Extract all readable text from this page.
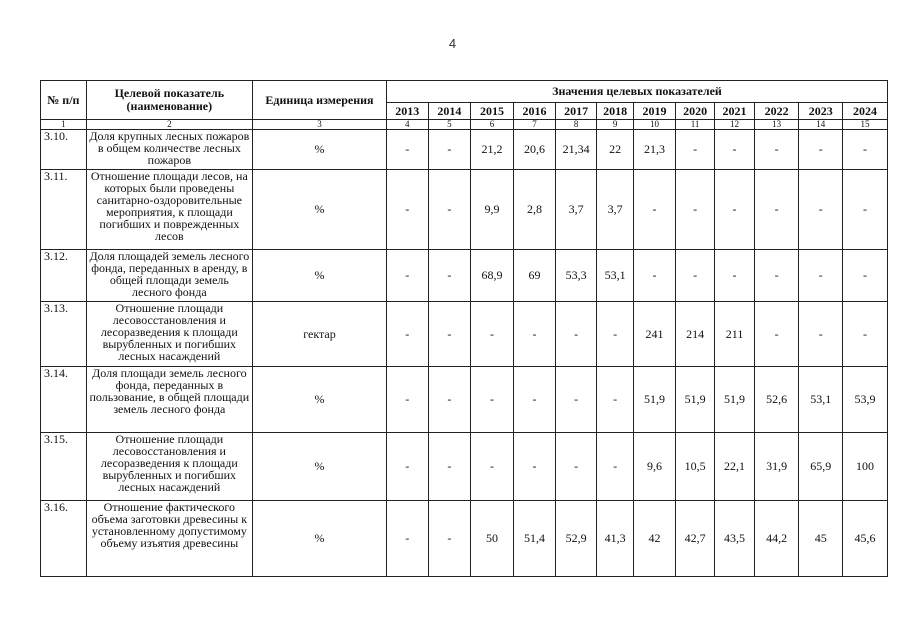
4
№ п/п	Целевой показатель (наименование)	Единица измерения	Значения целевых показателей											
			2013	2014	2015	2016	2017	2018	2019	2020	2021	2022	2023	2024
1	2	3	4	5	6	7	8	9	10	11	12	13	14	15
3.10.	Доля крупных лесных пожаров в общем количестве лесных пожаров	%	-	-	21,2	20,6	21,34	22	21,3	-	-	-	-	-
3.11.	Отношение площади лесов, на которых были проведены санитарно-оздоровительные мероприятия, к площади погибших и поврежденных лесов	%	-	-	9,9	2,8	3,7	3,7	-	-	-	-	-	-
3.12.	Доля площадей земель лесного фонда, переданных в аренду, в общей площади земель лесного фонда	%	-	-	68,9	69	53,3	53,1	-	-	-	-	-	-
3.13.	Отношение площади лесовосстановления и лесоразведения к площади вырубленных и погибших лесных насаждений	гектар	-	-	-	-	-	-	241	214	211	-	-	-
3.14.	Доля площади земель лесного фонда, переданных в пользование, в общей площади земель лесного фонда	%	-	-	-	-	-	-	51,9	51,9	51,9	52,6	53,1	53,9
3.15.	Отношение площади лесовосстановления и лесоразведения к площади вырубленных и погибших лесных насаждений	%	-	-	-	-	-	-	9,6	10,5	22,1	31,9	65,9	100
3.16.	Отношение фактического объема заготовки древесины к установленному допустимому объему изъятия древесины	%	-	-	50	51,4	52,9	41,3	42	42,7	43,5	44,2	45	45,6
